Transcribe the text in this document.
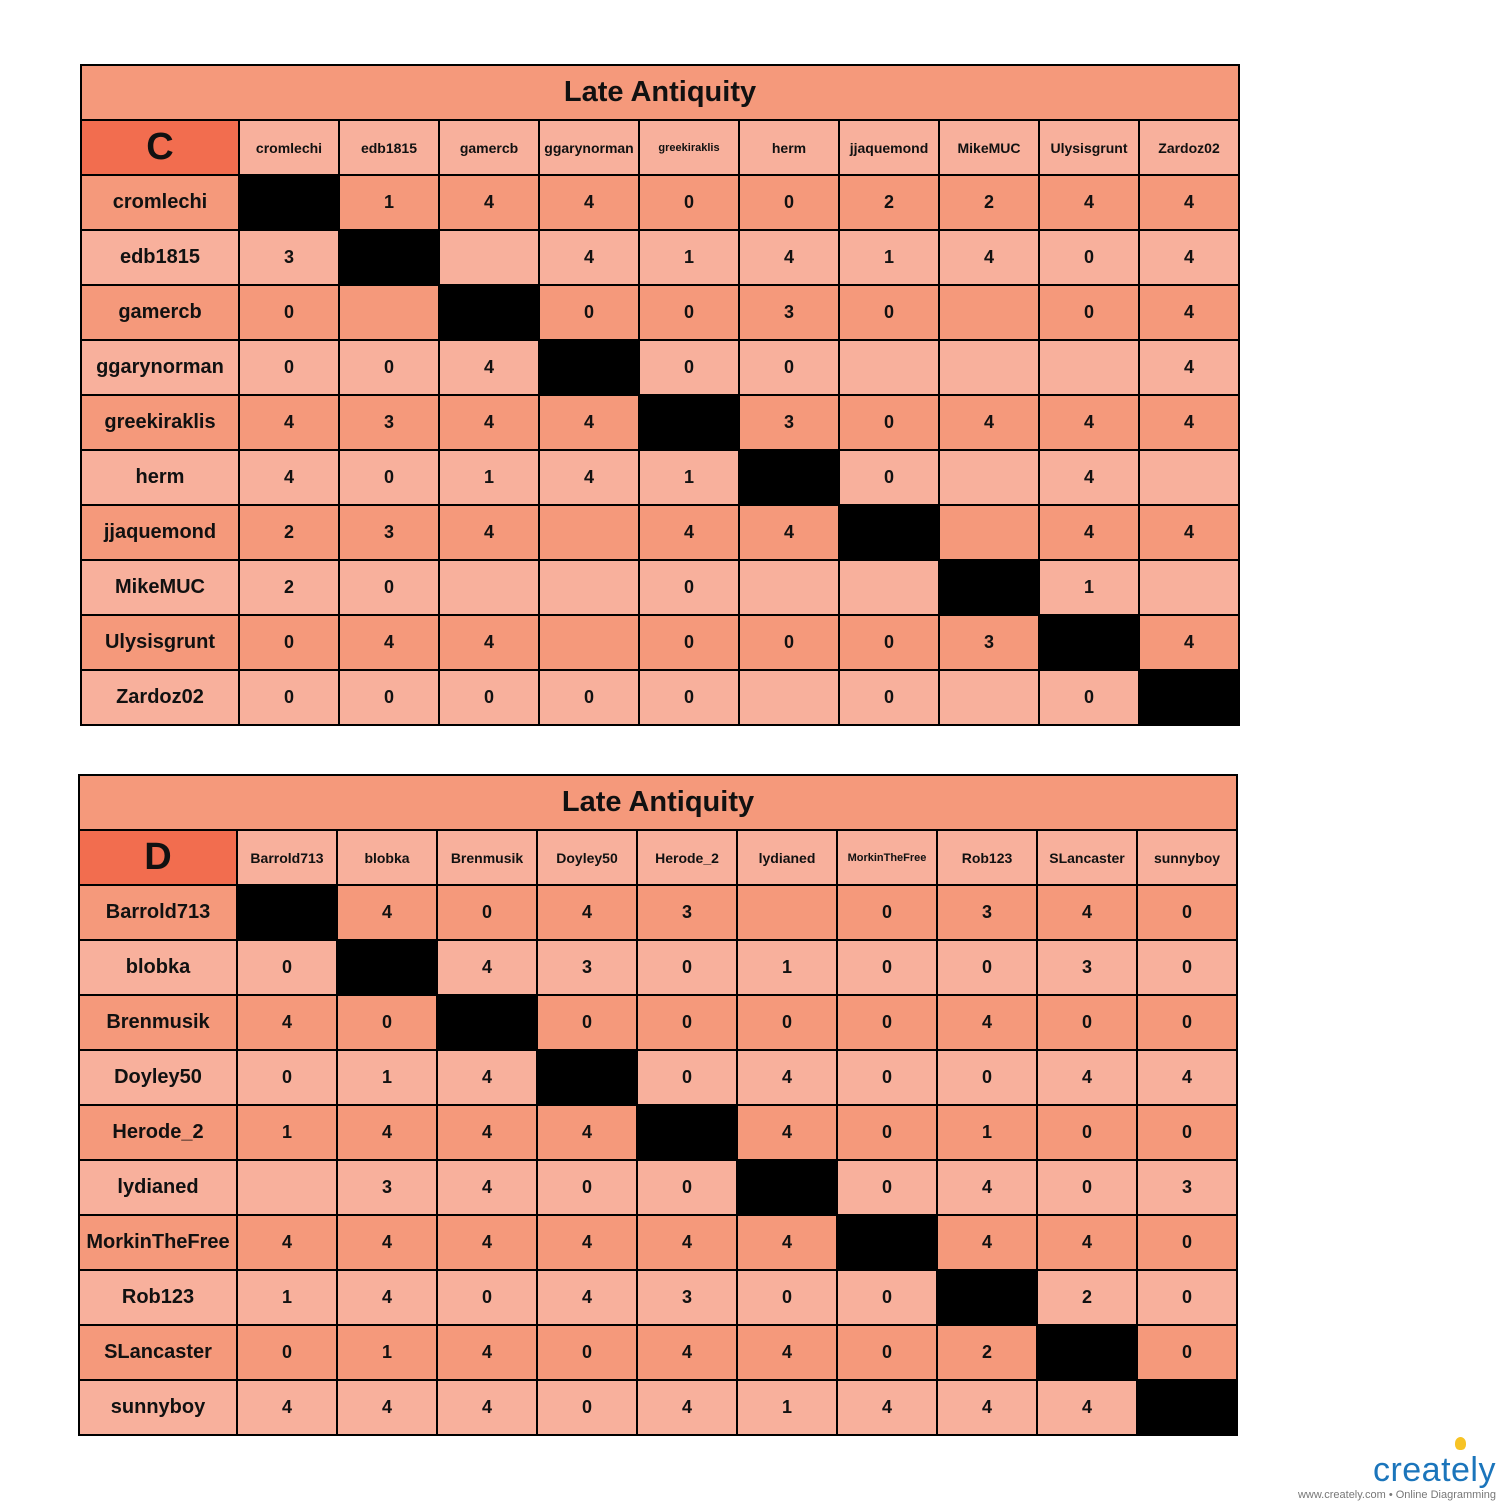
Late Antiquity										
C	cromlechi	edb1815	gamercb	ggarynorman	greekiraklis	herm	jjaquemond	MikeMUC	Ulysisgrunt	Zardoz02
cromlechi		1	4	4	0	0	2	2	4	4
edb1815	3			4	1	4	1	4	0	4
gamercb	0			0	0	3	0		0	4
ggarynorman	0	0	4		0	0				4
greekiraklis	4	3	4	4		3	0	4	4	4
herm	4	0	1	4	1		0		4	
jjaquemond	2	3	4		4	4			4	4
MikeMUC	2	0			0				1	
Ulysisgrunt	0	4	4		0	0	0	3		4
Zardoz02	0	0	0	0	0		0		0	
Late Antiquity										
D	Barrold713	blobka	Brenmusik	Doyley50	Herode_2	lydianed	MorkinTheFree	Rob123	SLancaster	sunnyboy
Barrold713		4	0	4	3		0	3	4	0
blobka	0		4	3	0	1	0	0	3	0
Brenmusik	4	0		0	0	0	0	4	0	0
Doyley50	0	1	4		0	4	0	0	4	4
Herode_2	1	4	4	4		4	0	1	0	0
lydianed		3	4	0	0		0	4	0	3
MorkinTheFree	4	4	4	4	4	4		4	4	0
Rob123	1	4	0	4	3	0	0		2	0
SLancaster	0	1	4	0	4	4	0	2		0
sunnyboy	4	4	4	0	4	1	4	4	4	
creately
www.creately.com • Online Diagramming
